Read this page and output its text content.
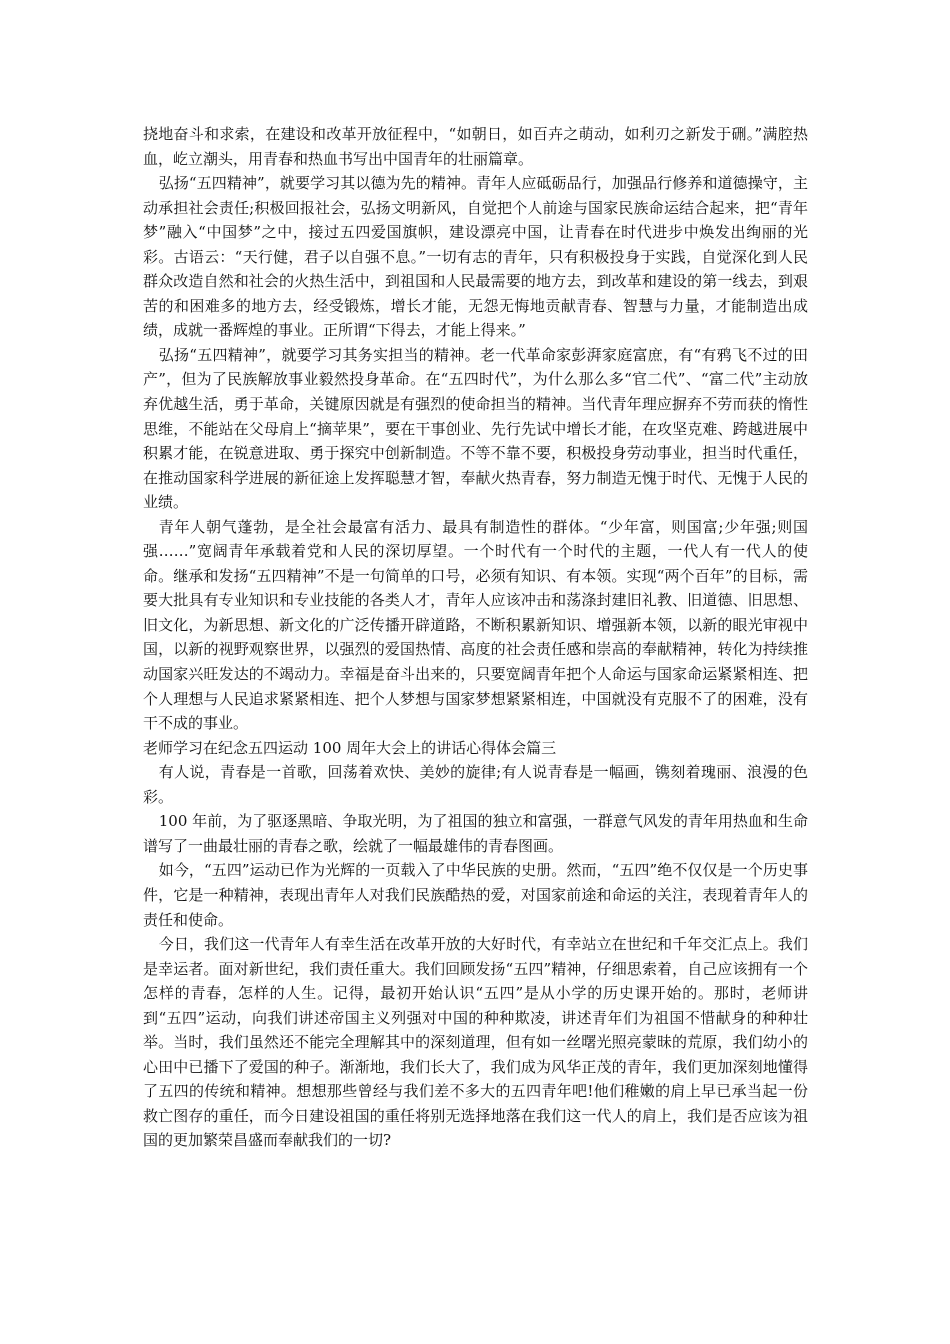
挠地奋斗和求索，在建设和改革开放征程中，“如朝日，如百卉之萌动，如利刃之新发于硎。”满腔热血，屹立潮头，用青春和热血书写出中国青年的壮丽篇章。

弘扬“五四精神”，就要学习其以德为先的精神。青年人应砥砺品行，加强品行修养和道德操守，主动承担社会责任;积极回报社会，弘扬文明新风，自觉把个人前途与国家民族命运结合起来，把“青年梦”融入“中国梦”之中，接过五四爱国旗帜，建设漂亮中国，让青春在时代进步中焕发出绚丽的光彩。古语云：“天行健，君子以自强不息。”一切有志的青年，只有积极投身于实践，自觉深化到人民群众改造自然和社会的火热生活中，到祖国和人民最需要的地方去，到改革和建设的第一线去，到艰苦的和困难多的地方去，经受锻炼，增长才能，无怨无悔地贡献青春、智慧与力量，才能制造出成绩，成就一番辉煌的事业。正所谓“下得去，才能上得来。”

弘扬“五四精神”，就要学习其务实担当的精神。老一代革命家彭湃家庭富庶，有“有鸦飞不过的田产”，但为了民族解放事业毅然投身革命。在“五四时代”，为什么那么多“官二代”、“富二代”主动放弃优越生活，勇于革命，关键原因就是有强烈的使命担当的精神。当代青年理应摒弃不劳而获的惰性思维，不能站在父母肩上“摘苹果”，要在干事创业、先行先试中增长才能，在攻坚克难、跨越进展中积累才能，在锐意进取、勇于探究中创新制造。不等不靠不要，积极投身劳动事业，担当时代重任，在推动国家科学进展的新征途上发挥聪慧才智，奉献火热青春，努力制造无愧于时代、无愧于人民的业绩。

青年人朝气蓬勃，是全社会最富有活力、最具有制造性的群体。“少年富，则国富;少年强;则国强……”宽阔青年承载着党和人民的深切厚望。一个时代有一个时代的主题，一代人有一代人的使命。继承和发扬“五四精神”不是一句简单的口号，必须有知识、有本领。实现“两个百年”的目标，需要大批具有专业知识和专业技能的各类人才，青年人应该冲击和荡涤封建旧礼教、旧道德、旧思想、旧文化，为新思想、新文化的广泛传播开辟道路，不断积累新知识、增强新本领，以新的眼光审视中国，以新的视野观察世界，以强烈的爱国热情、高度的社会责任感和崇高的奉献精神，转化为持续推动国家兴旺发达的不竭动力。幸福是奋斗出来的，只要宽阔青年把个人命运与国家命运紧紧相连、把个人理想与人民追求紧紧相连、把个人梦想与国家梦想紧紧相连，中国就没有克服不了的困难，没有干不成的事业。

老师学习在纪念五四运动 100 周年大会上的讲话心得体会篇三

有人说，青春是一首歌，回荡着欢快、美妙的旋律;有人说青春是一幅画，镌刻着瑰丽、浪漫的色彩。

100 年前，为了驱逐黑暗、争取光明，为了祖国的独立和富强，一群意气风发的青年用热血和生命谱写了一曲最壮丽的青春之歌，绘就了一幅最雄伟的青春图画。

如今，“五四”运动已作为光辉的一页载入了中华民族的史册。然而，“五四”绝不仅仅是一个历史事件，它是一种精神，表现出青年人对我们民族酷热的爱，对国家前途和命运的关注，表现着青年人的责任和使命。

今日，我们这一代青年人有幸生活在改革开放的大好时代，有幸站立在世纪和千年交汇点上。我们是幸运者。面对新世纪，我们责任重大。我们回顾发扬“五四”精神，仔细思索着，自己应该拥有一个怎样的青春，怎样的人生。记得，最初开始认识“五四”是从小学的历史课开始的。那时，老师讲到“五四”运动，向我们讲述帝国主义列强对中国的种种欺凌，讲述青年们为祖国不惜献身的种种壮举。当时，我们虽然还不能完全理解其中的深刻道理，但有如一丝曙光照亮蒙昧的荒原，我们幼小的心田中已播下了爱国的种子。渐渐地，我们长大了，我们成为风华正茂的青年，我们更加深刻地懂得了五四的传统和精神。想想那些曾经与我们差不多大的五四青年吧!他们稚嫩的肩上早已承当起一份救亡图存的重任，而今日建设祖国的重任将别无选择地落在我们这一代人的肩上，我们是否应该为祖国的更加繁荣昌盛而奉献我们的一切?
